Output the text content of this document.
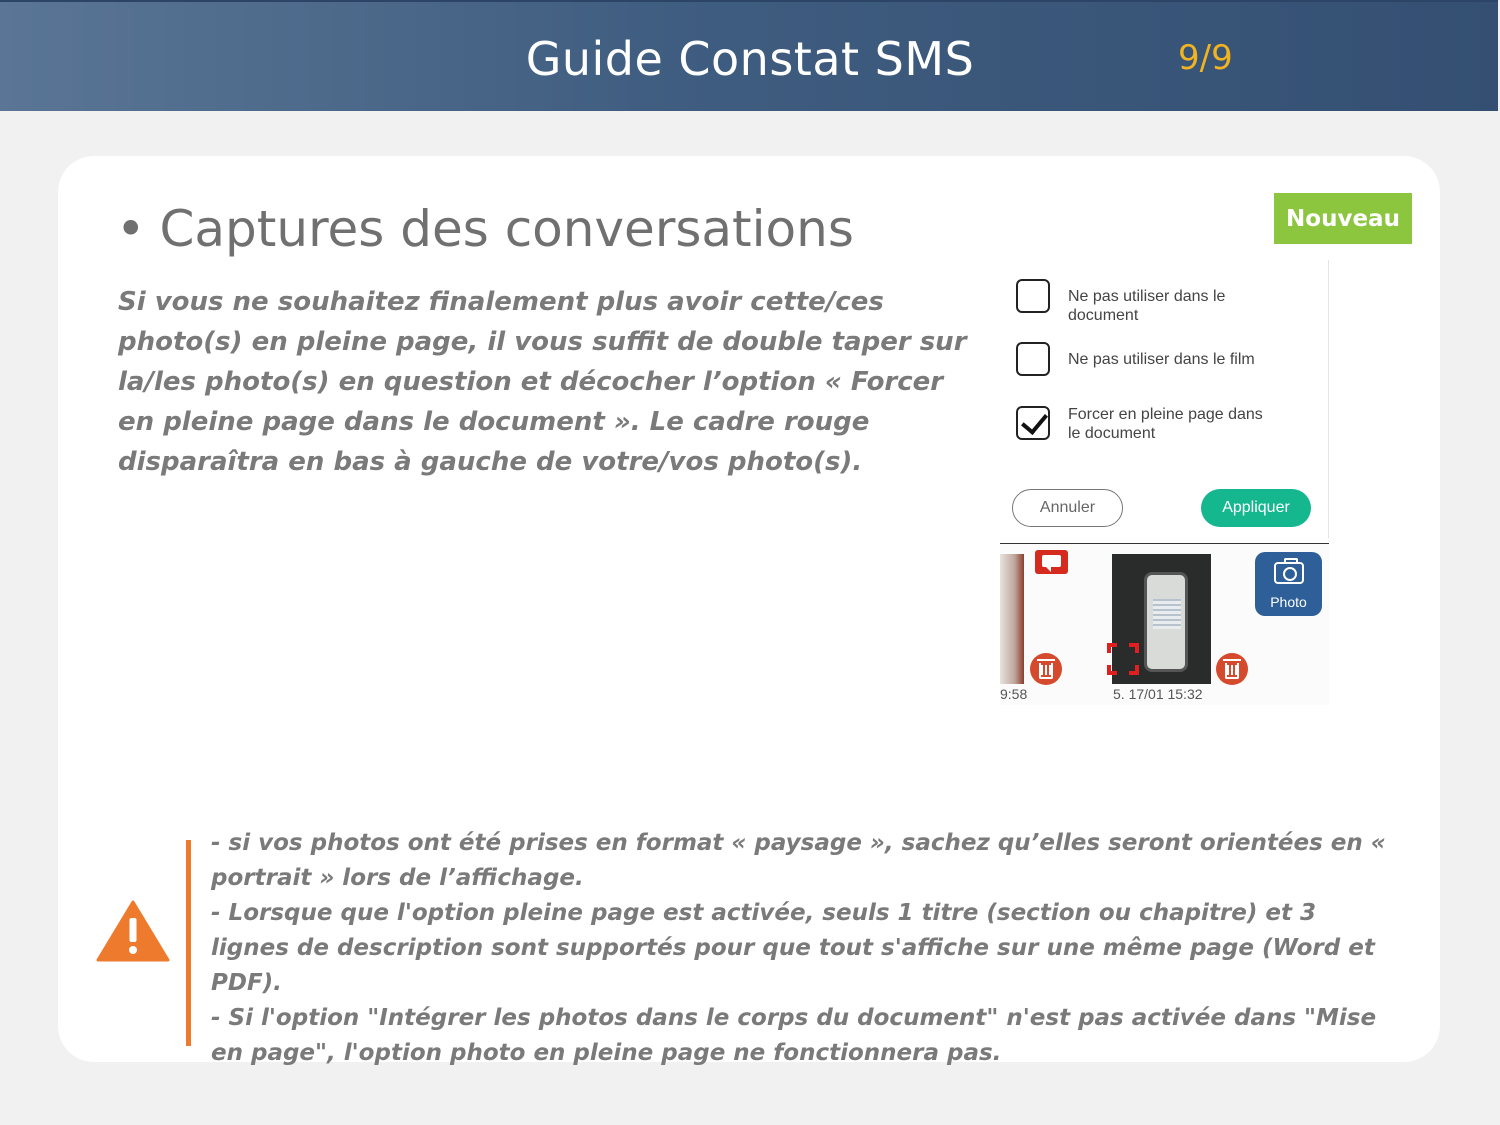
Guide Constat SMS	9/9
Nouveau
• Captures des conversations
Si vous ne souhaitez finalement plus avoir cette/ces photo(s) en pleine page, il vous suffit de double taper sur la/les photo(s) en question et décocher l’option « Forcer en pleine page dans le document ». Le cadre rouge disparaîtra en bas à gauche de votre/vos photo(s).
Ne pas utiliser dans le document
Ne pas utiliser dans le film
Forcer en pleine page dans le document
Annuler	Appliquer
9:58	5. 17/01 15:32
Photo
- si vos photos ont été prises en format « paysage », sachez qu’elles seront orientées en « portrait » lors de l’affichage.
- Lorsque que l'option pleine page est activée, seuls 1 titre (section ou chapitre) et 3 lignes de description sont supportés pour que tout s'affiche sur une même page (Word et PDF).
- Si l'option "Intégrer les photos dans le corps du document" n'est pas activée dans "Mise en page", l'option photo en pleine page ne fonctionnera pas.
